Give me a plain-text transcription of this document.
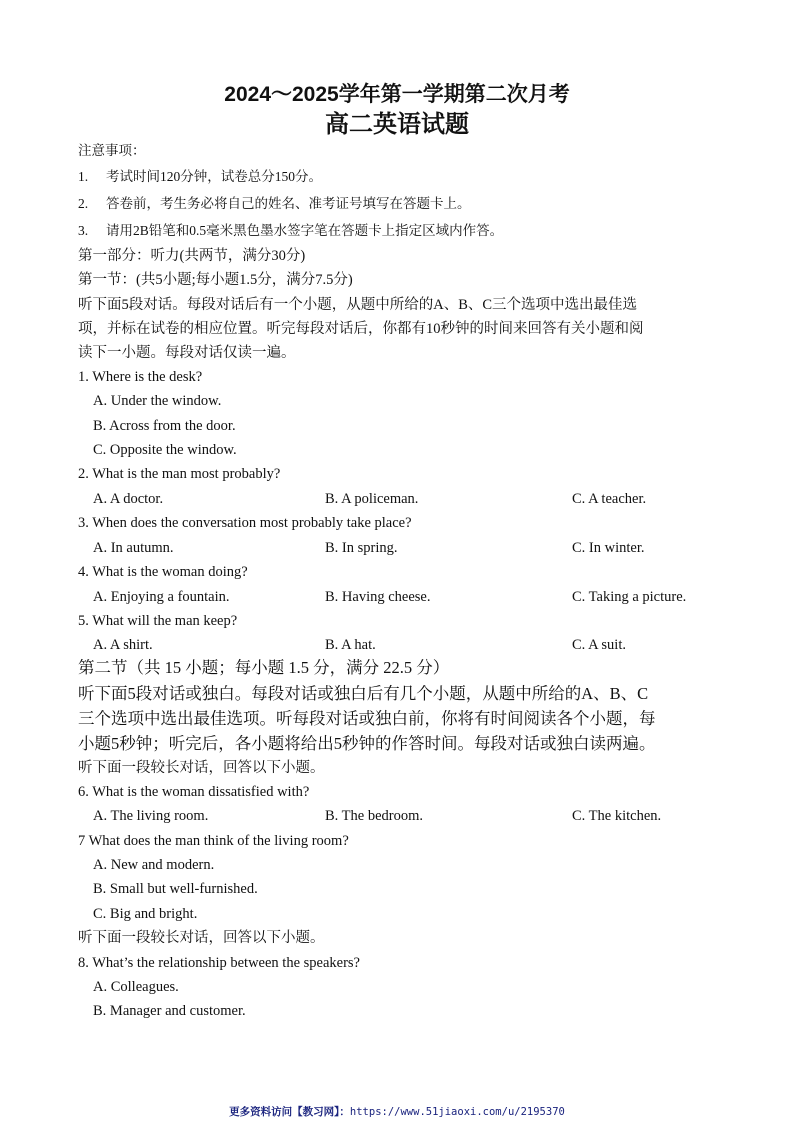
2024～2025学年第一学期第二次月考
高二英语试题
注意事项：
1. 考试时间120分钟，试卷总分150分。
2. 答卷前，考生务必将自己的姓名、准考证号填写在答题卡上。
3. 请用2B铅笔和0.5毫米黑色墨水签字笔在答题卡上指定区域内作答。
第一部分：听力(共两节，满分30分)
第一节：(共5小题;每小题1.5分，满分7.5分)
听下面5段对话。每段对话后有一个小题，从题中所给的A、B、C三个选项中选出最佳选
项，并标在试卷的相应位置。听完每段对话后，你都有10秒钟的时间来回答有关小题和阅
读下一小题。每段对话仅读一遍。
1. Where is the desk?
A. Under the window.
B. Across from the door.
C. Opposite the window.
2. What is the man most probably?
A. A doctor.	B. A policeman.	C. A teacher.
3. When does the conversation most probably take place?
A. In autumn.	B. In spring.	C. In winter.
4. What is the woman doing?
A. Enjoying a fountain.	B. Having cheese.	C. Taking a picture.
5. What will the man keep?
A. A shirt.	B. A hat.	C. A suit.
第二节（共 15 小题；每小题 1.5 分，满分 22.5 分）
听下面5段对话或独白。每段对话或独白后有几个小题，从题中所给的A、B、C
三个选项中选出最佳选项。听每段对话或独白前，你将有时间阅读各个小题，每
小题5秒钟；听完后，各小题将给出5秒钟的作答时间。每段对话或独白读两遍。
听下面一段较长对话，回答以下小题。
6. What is the woman dissatisfied with?
A. The living room.	B. The bedroom.	C. The kitchen.
7 What does the man think of the living room?
A. New and modern.
B. Small but well-furnished.
C. Big and bright.
听下面一段较长对话，回答以下小题。
8. What’s the relationship between the speakers?
A. Colleagues.
B. Manager and customer.
更多资料访问【教习网】：https://www.51jiaoxi.com/u/2195370
